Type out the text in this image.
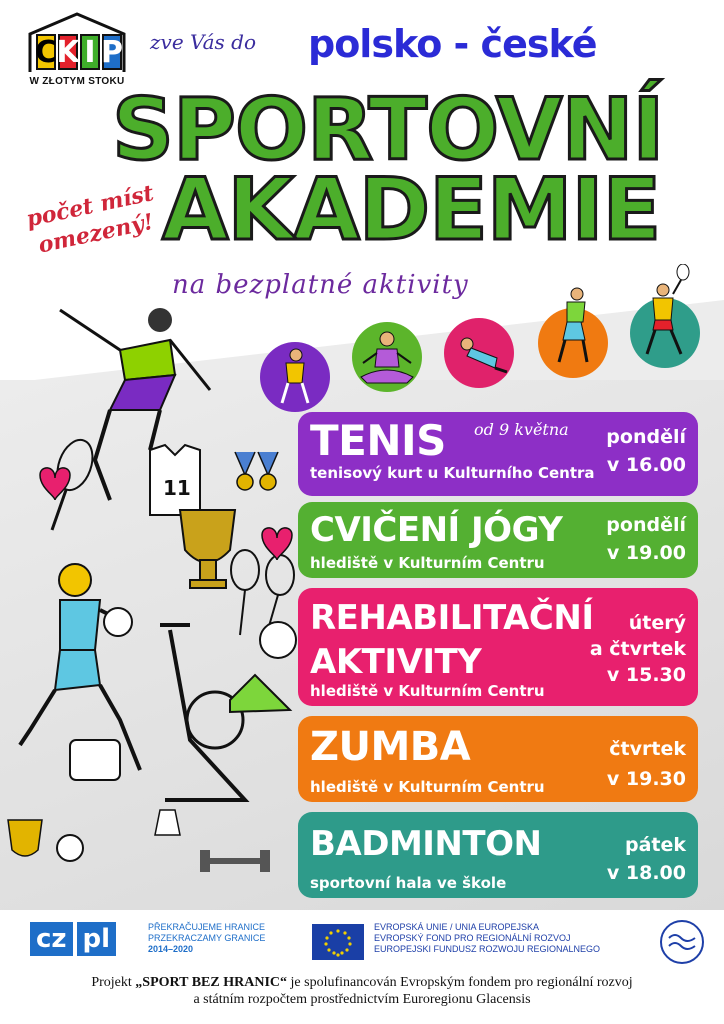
C K I P
W ZŁOTYM STOKU
zve Vás do polsko - české
SPORTOVNÍ
AKADEMIE
počet míst omezený!
na bezplatné aktivity
11
TENIS od 9 května
tenisový kurt u Kulturního Centra
pondělí
v 16.00
CVIČENÍ JÓGY
hlediště v Kulturním Centru
pondělí
v 19.00
REHABILITAČNÍ
AKTIVITY
hlediště v Kulturním Centru
úterý
a čtvrtek
v 15.30
ZUMBA
hlediště v Kulturním Centru
čtvrtek
v 19.30
BADMINTON
sportovní hala ve škole
pátek
v 18.00
cz pl	PŘEKRAČUJEME HRANICE
PRZEKRACZAMY GRANICE
2014–2020
EVROPSKÁ UNIE / UNIA EUROPEJSKA
EVROPSKÝ FOND PRO REGIONÁLNÍ ROZVOJ
EUROPEJSKI FUNDUSZ ROZWOJU REGIONALNEGO
Projekt „SPORT BEZ HRANIC“ je spolufinancován Evropským fondem pro regionální rozvoj
a státním rozpočtem prostřednictvím Euroregionu Glacensis
